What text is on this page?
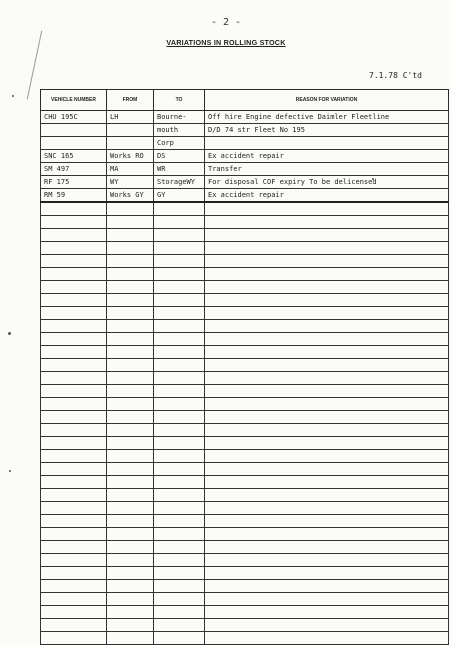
- 2 -
VARIATIONS IN ROLLING STOCK
7.1.78 C'td
VEHICLE NUMBER	FROM	TO	REASON FOR VARIATION
CHU 195C	LH	Bourne-	Off hire Engine defective Daimler Fleetline
		mouth	D/D 74 str Fleet No 195
		Corp	
SNC 165	Works RO	DS	Ex accident repair
SM 497	MA	WR	Transfer
RF 175	WY	StorageWY	For disposal COF expiry To be delicensed
RM 59	Works GY	GY	Ex accident repair
